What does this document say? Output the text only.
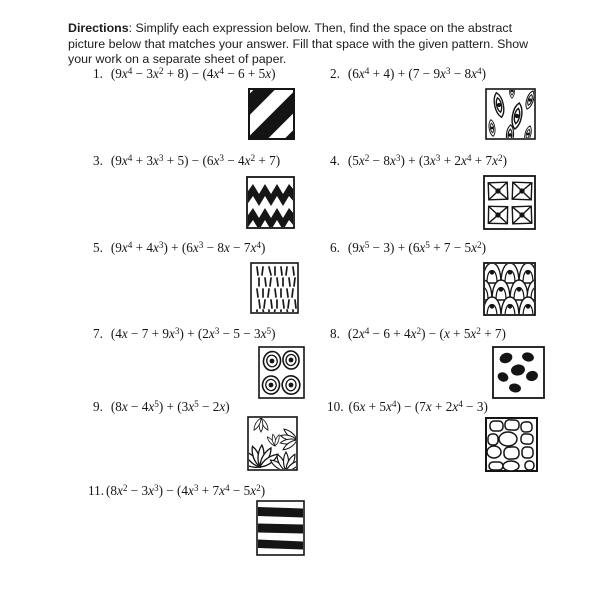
Directions: Simplify each expression below. Then, find the space on the abstract picture below that matches your answer. Fill that space with the given pattern. Show your work on a separate sheet of paper.

1. $(9x^4 - 3x^2 + 8) - (4x^4 - 6 + 5x)$	2. $(6x^4 + 4) + (7 - 9x^3 - 8x^4)$
3. $(9x^4 + 3x^3 + 5) - (6x^3 - 4x^2 + 7)$	4. $(5x^2 - 8x^3) + (3x^3 + 2x^4 + 7x^2)$
5. $(9x^4 + 4x^3) + (6x^3 - 8x - 7x^4)$	6. $(9x^5 - 3) + (6x^5 + 7 - 5x^2)$
7. $(4x - 7 + 9x^3) + (2x^3 - 5 - 3x^5)$	8. $(2x^4 - 6 + 4x^2) - (x + 5x^2 + 7)$
9. $(8x - 4x^5) + (3x^5 - 2x)$	10. $(6x + 5x^4) - (7x + 2x^4 - 3)$
11. $(8x^2 - 3x^3) - (4x^3 + 7x^4 - 5x^2)$
